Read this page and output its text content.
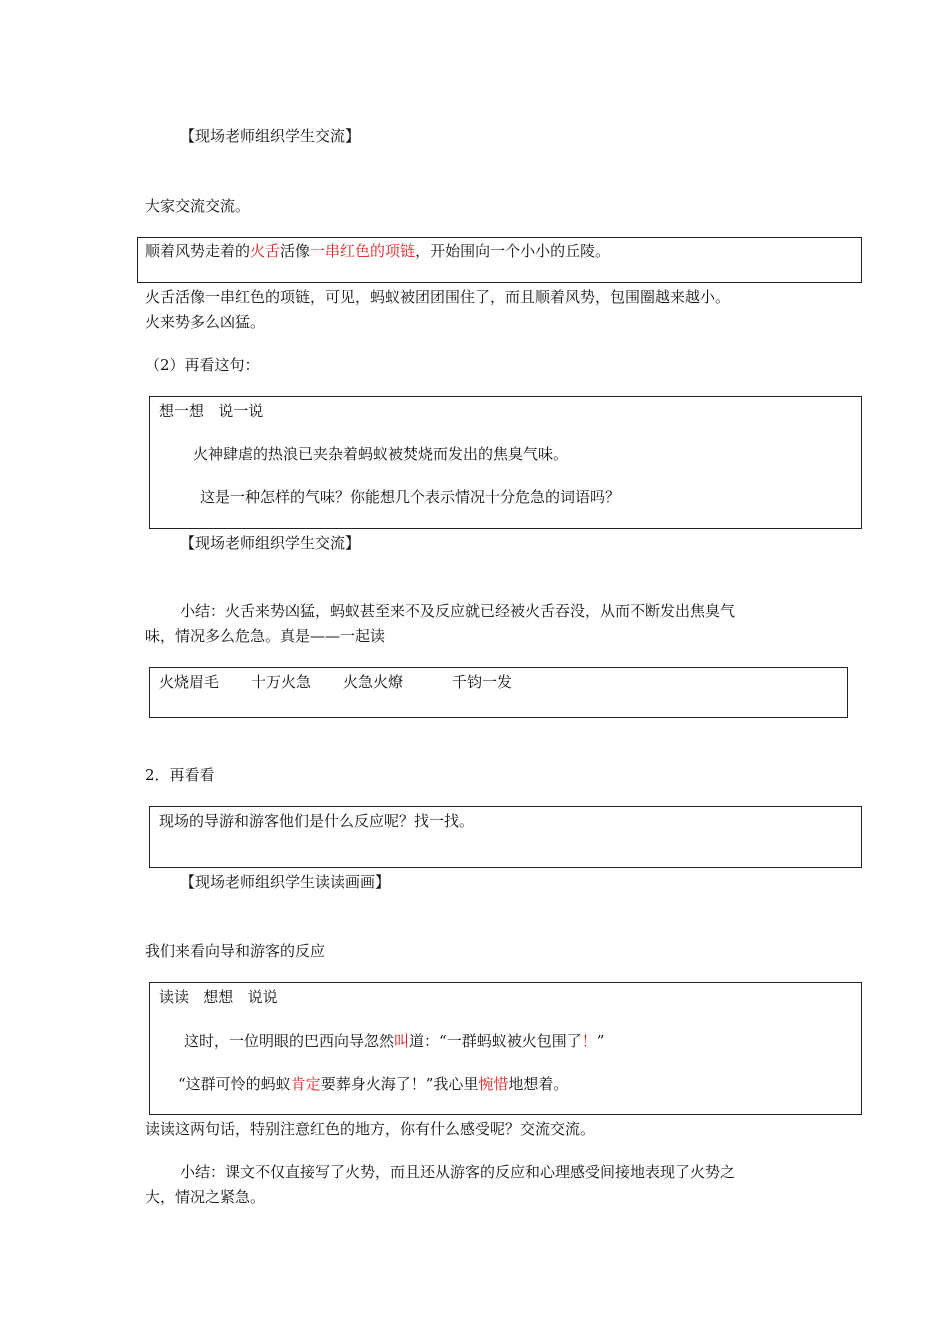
【现场老师组织学生交流】
大家交流交流。
顺着风势走着的火舌活像一串红色的项链，开始围向一个小小的丘陵。
火舌活像一串红色的项链，可见，蚂蚁被团团围住了，而且顺着风势，包围圈越来越小。
火来势多么凶猛。
（2）再看这句：
想一想   说一说
火神肆虐的热浪已夹杂着蚂蚁被焚烧而发出的焦臭气味。
这是一种怎样的气味？你能想几个表示情况十分危急的词语吗？
【现场老师组织学生交流】
小结：火舌来势凶猛，蚂蚁甚至来不及反应就已经被火舌吞没，从而不断发出焦臭气
味，情况多么危急。真是——一起读
火烧眉毛 十万火急 火急火燎	千钧一发
2．再看看
现场的导游和游客他们是什么反应呢？找一找。
【现场老师组织学生读读画画】
我们来看向导和游客的反应
读读   想想   说说
这时，一位明眼的巴西向导忽然叫道：“一群蚂蚁被火包围了！”
“这群可怜的蚂蚁肯定要葬身火海了！”我心里惋惜地想着。
读读这两句话，特别注意红色的地方，你有什么感受呢？交流交流。
小结：课文不仅直接写了火势，而且还从游客的反应和心理感受间接地表现了火势之
大，情况之紧急。
